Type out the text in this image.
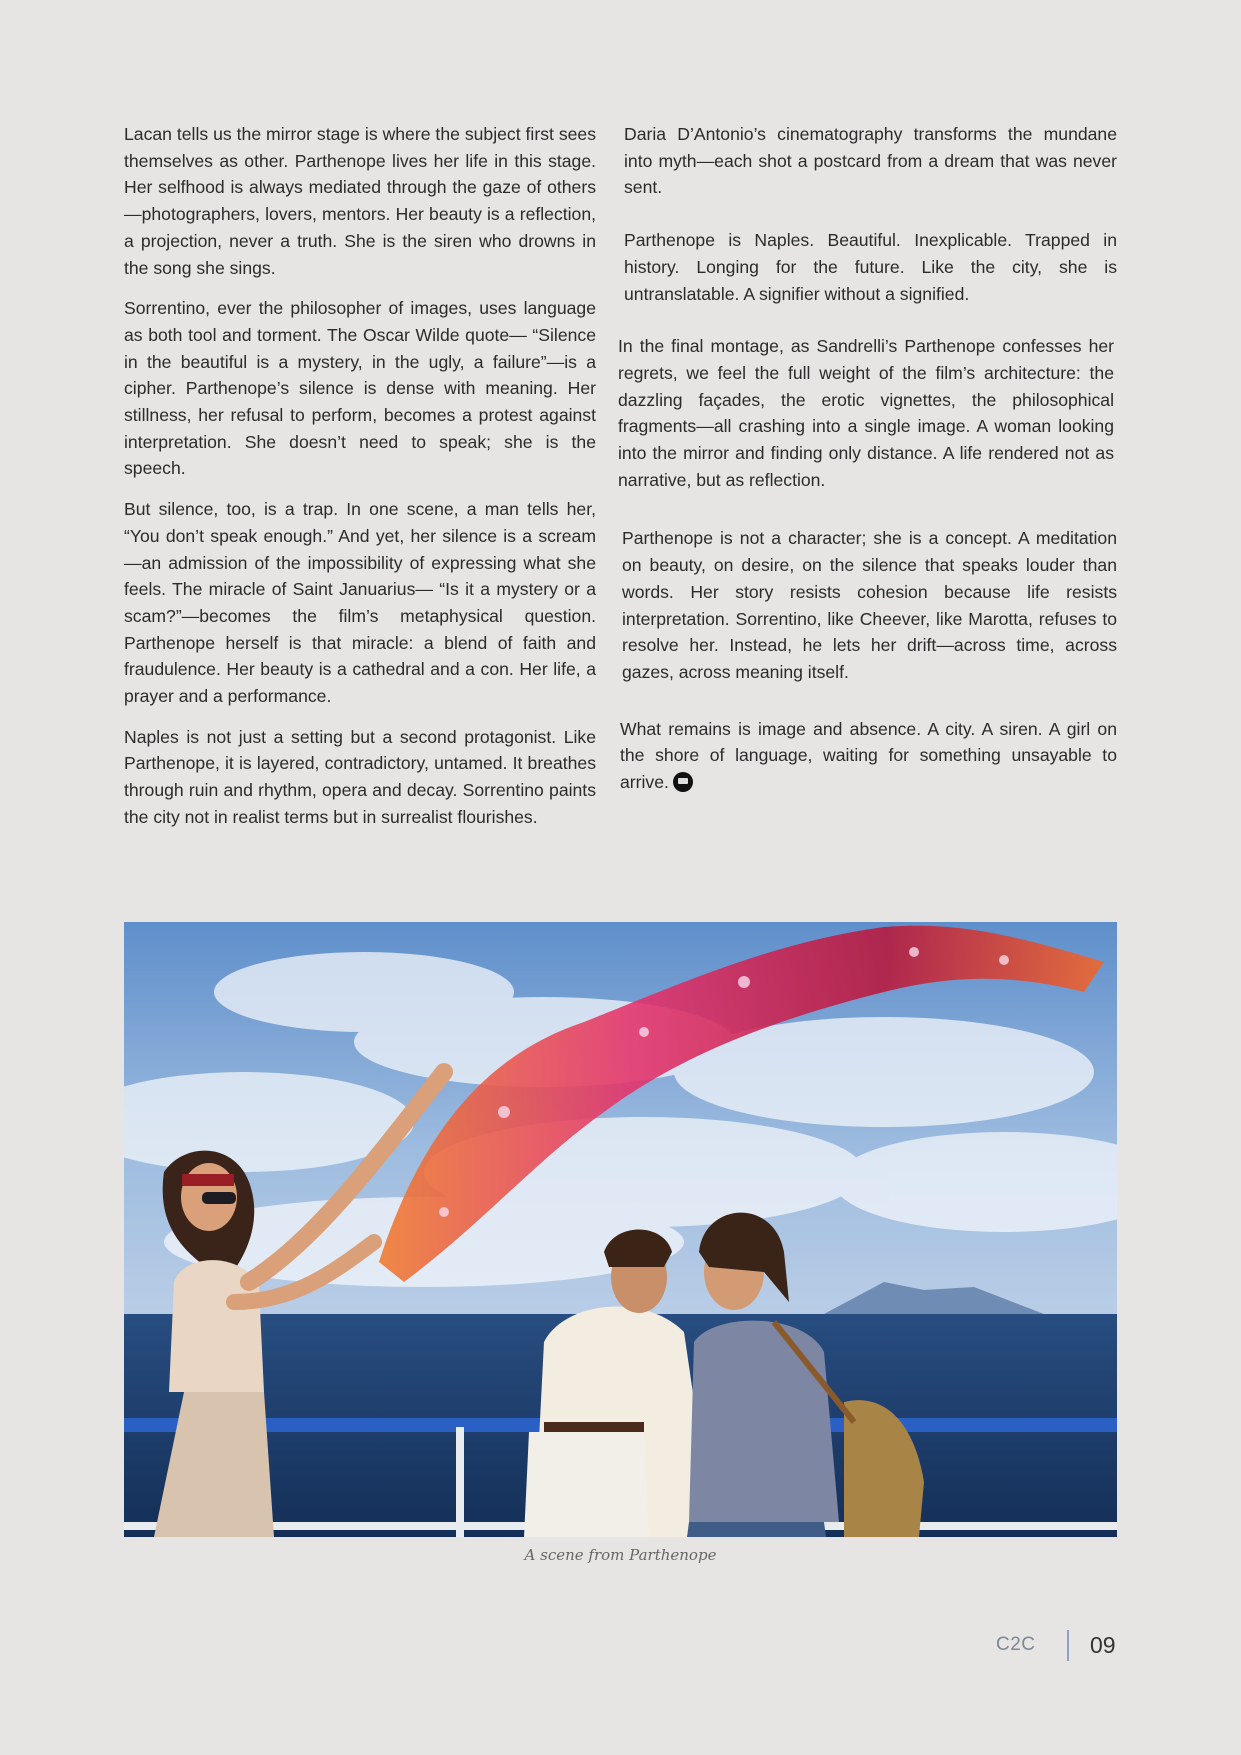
Lacan tells us the mirror stage is where the subject first sees themselves as other. Parthenope lives her life in this stage. Her selfhood is always mediated through the gaze of others—photographers, lovers, mentors. Her beauty is a reflection, a projection, never a truth. She is the siren who drowns in the song she sings.

Sorrentino, ever the philosopher of images, uses language as both tool and torment. The Oscar Wilde quote— “Silence in the beautiful is a mystery, in the ugly, a failure”—is a cipher. Parthenope’s silence is dense with meaning. Her stillness, her refusal to perform, becomes a protest against interpretation. She doesn’t need to speak; she is the speech.

But silence, too, is a trap. In one scene, a man tells her, “You don’t speak enough.” And yet, her silence is a scream—an admission of the impossibility of expressing what she feels. The miracle of Saint Januarius— “Is it a mystery or a scam?”—becomes the film’s metaphysical question. Parthenope herself is that miracle: a blend of faith and fraudulence. Her beauty is a cathedral and a con. Her life, a prayer and a performance.

Naples is not just a setting but a second protagonist. Like Parthenope, it is layered, contradictory, untamed. It breathes through ruin and rhythm, opera and decay. Sorrentino paints the city not in realist terms but in surrealist flourishes.

Daria D’Antonio’s cinematography transforms the mundane into myth—each shot a postcard from a dream that was never sent.

Parthenope is Naples. Beautiful. Inexplicable. Trapped in history. Longing for the future. Like the city, she is untranslatable. A signifier without a signified.

In the final montage, as Sandrelli’s Parthenope confesses her regrets, we feel the full weight of the film’s architecture: the dazzling façades, the erotic vignettes, the philosophical fragments—all crashing into a single image. A woman looking into the mirror and finding only distance. A life rendered not as narrative, but as reflection.

Parthenope is not a character; she is a concept. A meditation on beauty, on desire, on the silence that speaks louder than words. Her story resists cohesion because life resists interpretation. Sorrentino, like Cheever, like Marotta, refuses to resolve her. Instead, he lets her drift—across time, across gazes, across meaning itself.

What remains is image and absence. A city. A siren. A girl on the shore of language, waiting for something unsayable to arrive.

A scene from Parthenope
C2C 09
